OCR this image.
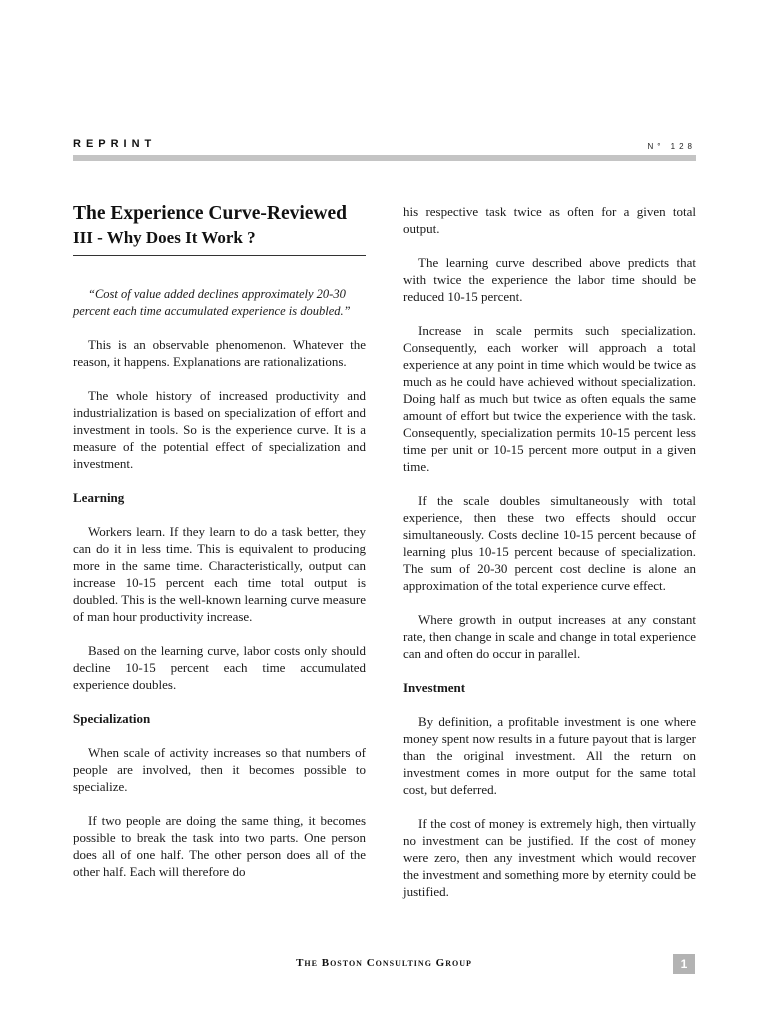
REPRINT	N° 128
The Experience Curve-Reviewed
III - Why Does It Work ?

“Cost of value added declines approximately 20-30 percent each time accumulated experience is doubled.”

This is an observable phenomenon. Whatever the reason, it happens. Explanations are rationalizations.

The whole history of increased productivity and industrialization is based on specialization of effort and investment in tools. So is the experience curve. It is a measure of the potential effect of specialization and investment.

Learning

Workers learn. If they learn to do a task better, they can do it in less time. This is equivalent to producing more in the same time. Characteristically, output can increase 10-15 percent each time total output is doubled. This is the well-known learning curve measure of man hour productivity increase.

Based on the learning curve, labor costs only should decline 10-15 percent each time accumulated experience doubles.

Specialization

When scale of activity increases so that numbers of people are involved, then it becomes possible to specialize.

If two people are doing the same thing, it becomes possible to break the task into two parts. One person does all of one half. The other person does all of the other half. Each will therefore do

his respective task twice as often for a given total output.

The learning curve described above predicts that with twice the experience the labor time should be reduced 10-15 percent.

Increase in scale permits such specialization. Consequently, each worker will approach a total experience at any point in time which would be twice as much as he could have achieved without specialization. Doing half as much but twice as often equals the same amount of effort but twice the experience with the task. Consequently, specialization permits 10-15 percent less time per unit or 10-15 percent more output in a given time.

If the scale doubles simultaneously with total experience, then these two effects should occur simultaneously. Costs decline 10-15 percent because of learning plus 10-15 percent because of specialization. The sum of 20-30 percent cost decline is alone an approximation of the total experience curve effect.

Where growth in output increases at any constant rate, then change in scale and change in total experience can and often do occur in parallel.

Investment

By definition, a profitable investment is one where money spent now results in a future payout that is larger than the original investment. All the return on investment comes in more output for the same total cost, but deferred.

If the cost of money is extremely high, then virtually no investment can be justified. If the cost of money were zero, then any investment which would recover the investment and something more by eternity could be justified.

The Boston Consulting Group	1
